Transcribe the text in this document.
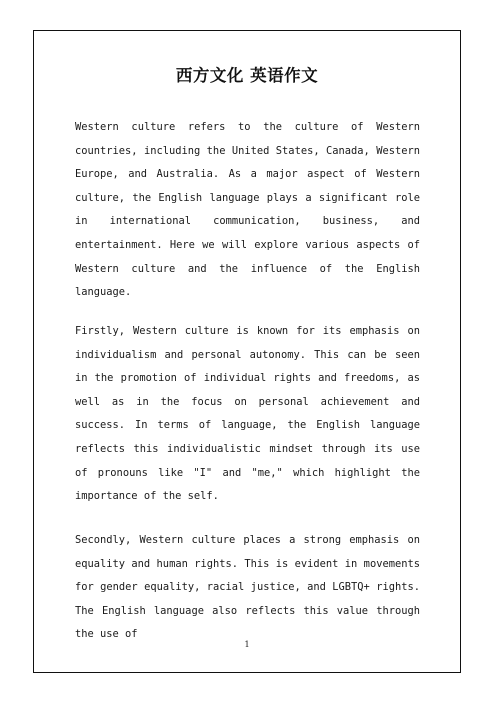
西方文化 英语作文
Western culture refers to the culture of Western countries, including the United States, Canada, Western Europe, and Australia. As a major aspect of Western culture, the English language plays a significant role in international communication, business, and entertainment. Here we will explore various aspects of Western culture and the influence of the English language.
Firstly, Western culture is known for its emphasis on individualism and personal autonomy. This can be seen in the promotion of individual rights and freedoms, as well as in the focus on personal achievement and success. In terms of language, the English language reflects this individualistic mindset through its use of pronouns like "I" and "me," which highlight the importance of the self.
Secondly, Western culture places a strong emphasis on equality and human rights. This is evident in movements for gender equality, racial justice, and LGBTQ+ rights. The English language also reflects this value through the use of
1
